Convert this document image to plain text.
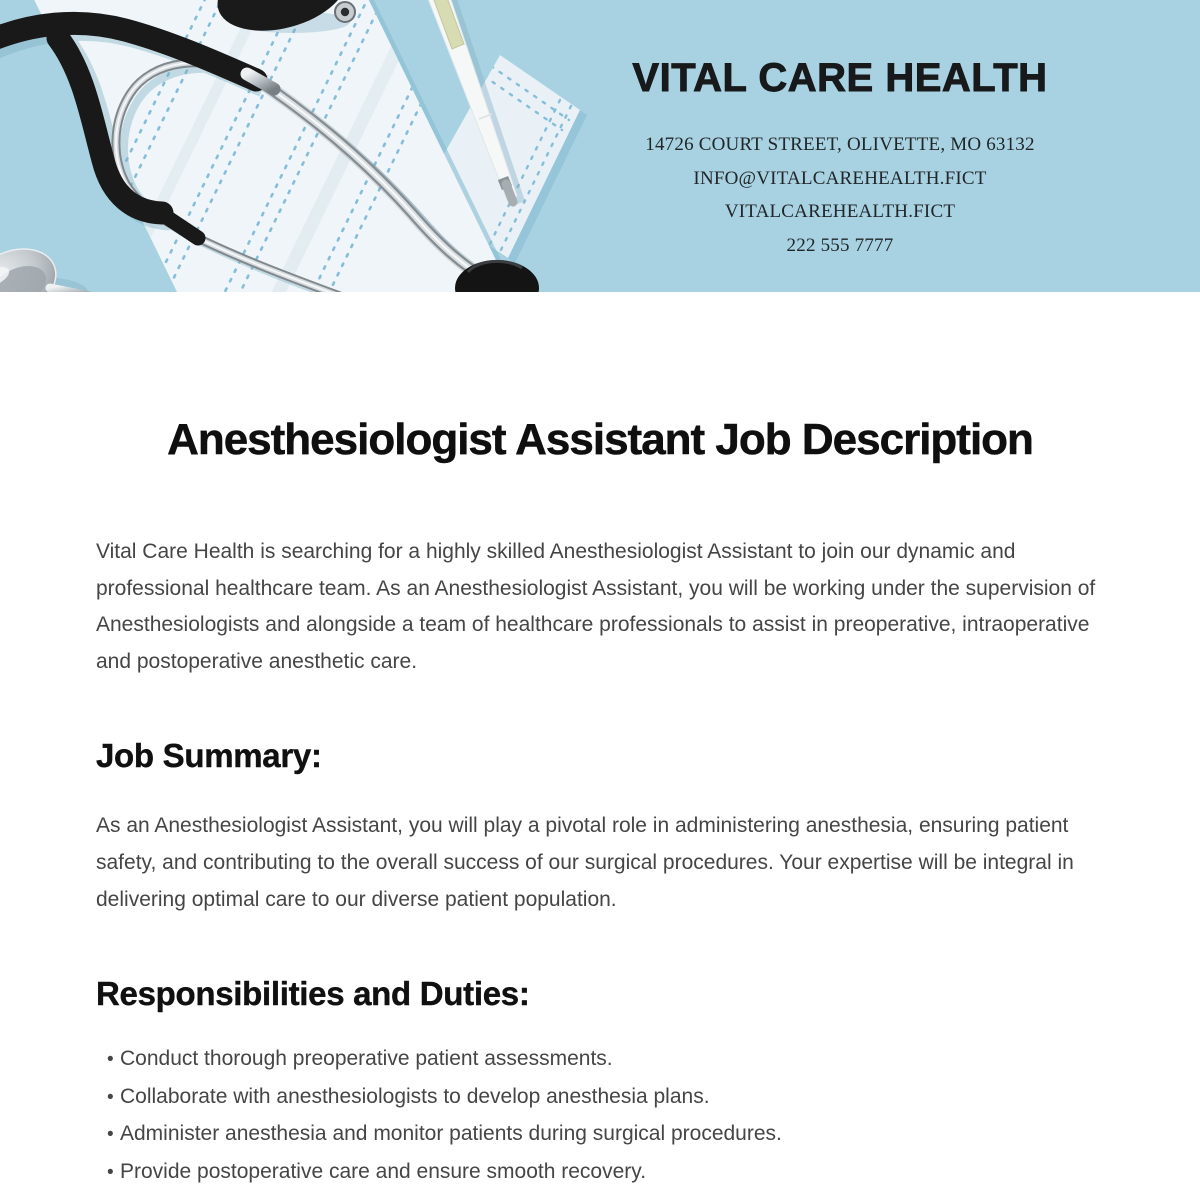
VITAL CARE HEALTH

14726 COURT STREET, OLIVETTE, MO 63132

INFO@VITALCAREHEALTH.FICT

VITALCAREHEALTH.FICT

222 555 7777

Anesthesiologist Assistant Job Description

Vital Care Health is searching for a highly skilled Anesthesiologist Assistant to join our dynamic and professional healthcare team. As an Anesthesiologist Assistant, you will be working under the supervision of Anesthesiologists and alongside a team of healthcare professionals to assist in preoperative, intraoperative and postoperative anesthetic care.

Job Summary:

As an Anesthesiologist Assistant, you will play a pivotal role in administering anesthesia, ensuring patient safety, and contributing to the overall success of our surgical procedures. Your expertise will be integral in delivering optimal care to our diverse patient population.

Responsibilities and Duties:
• Conduct thorough preoperative patient assessments.
• Collaborate with anesthesiologists to develop anesthesia plans.
• Administer anesthesia and monitor patients during surgical procedures.
• Provide postoperative care and ensure smooth recovery.
